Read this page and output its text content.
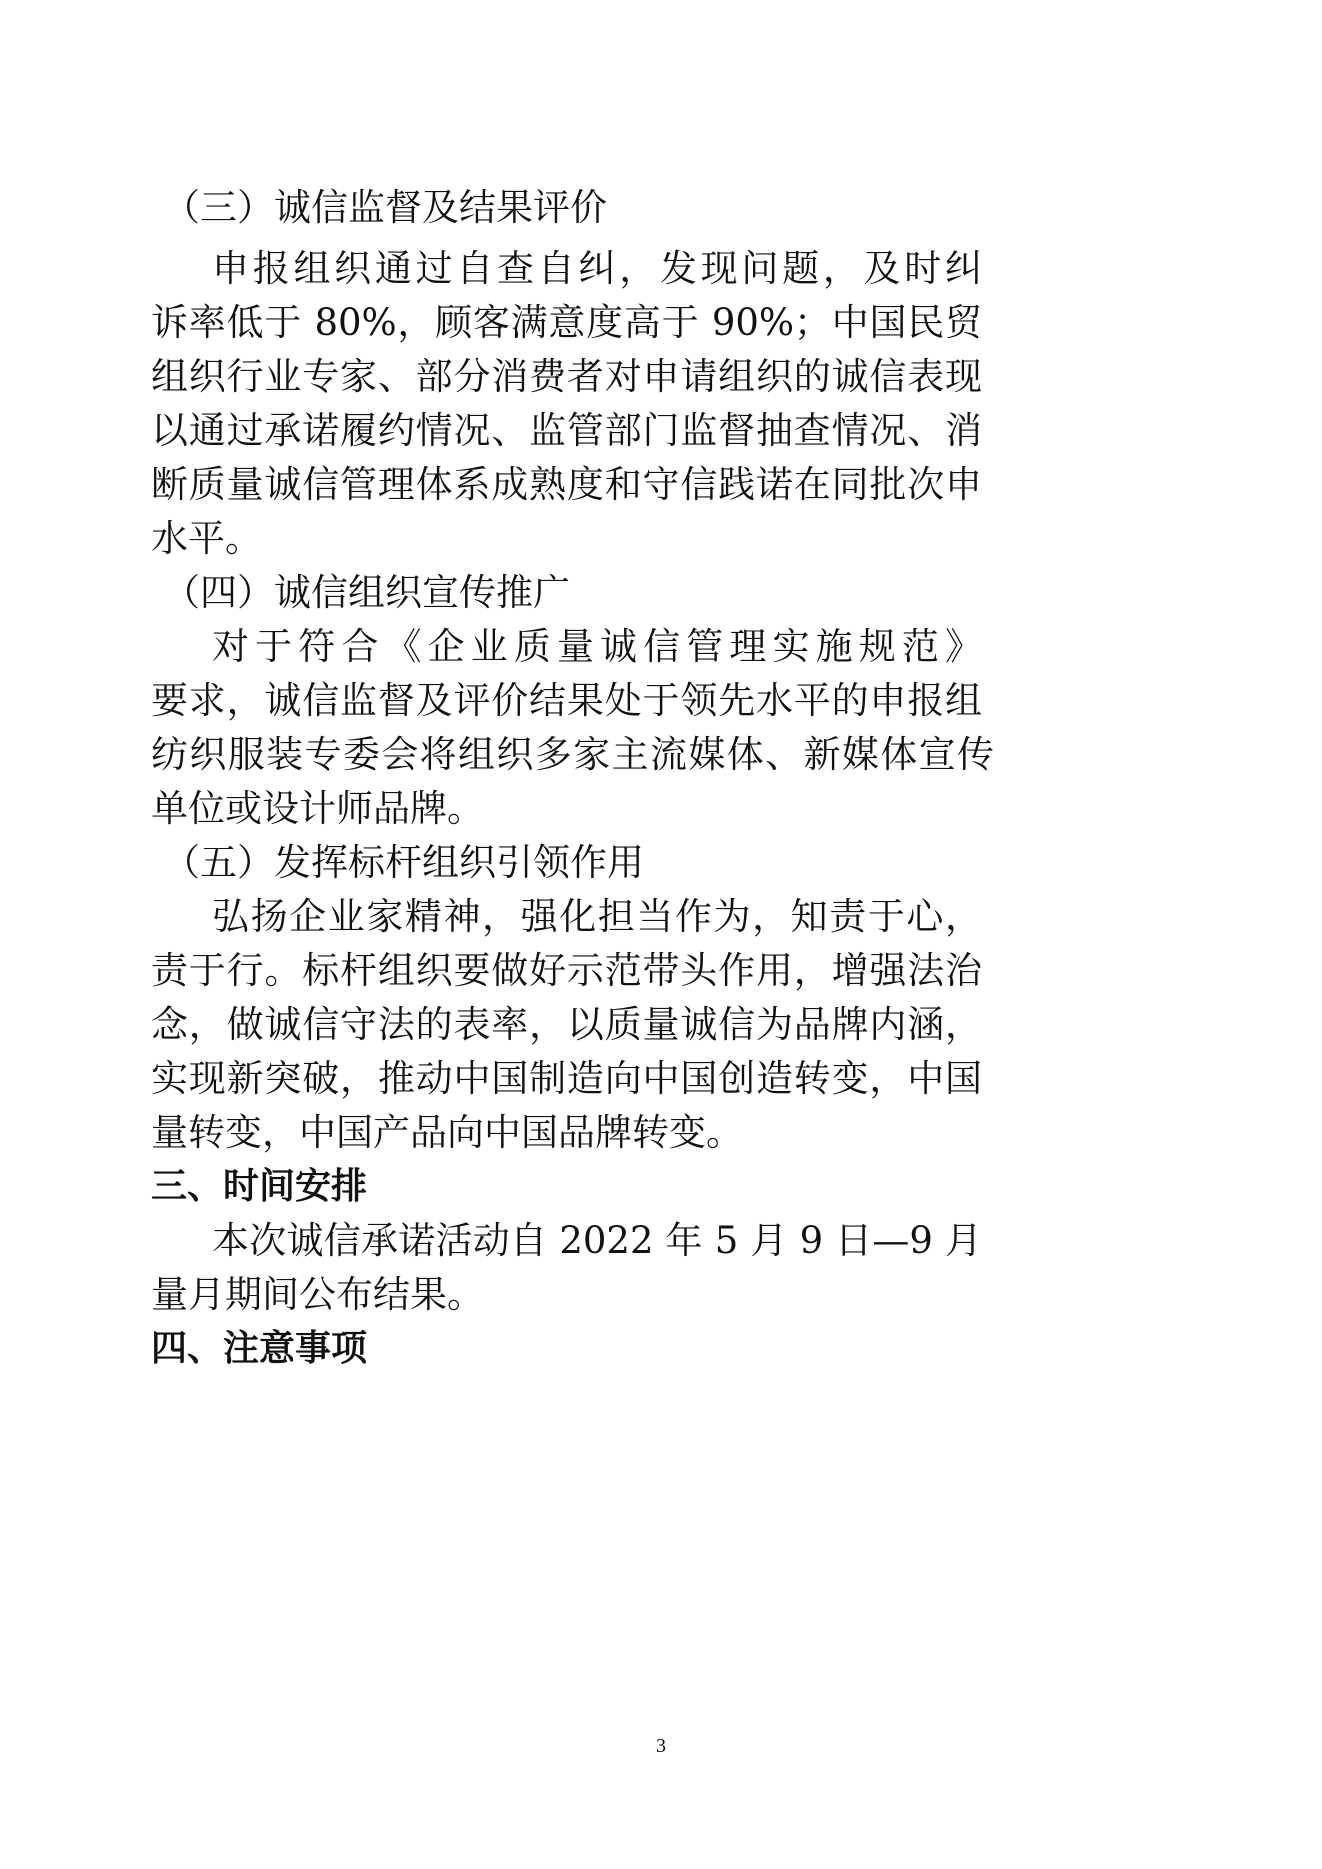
（三）诚信监督及结果评价
申报组织通过自查自纠，发现问题，及时纠
诉率低于 80%，顾客满意度高于 90%；中国民贸
组织行业专家、部分消费者对申请组织的诚信表现
以通过承诺履约情况、监管部门监督抽查情况、消
断质量诚信管理体系成熟度和守信践诺在同批次申
水平。
（四）诚信组织宣传推广
对于符合《企业质量诚信管理实施规范》
要求，诚信监督及评价结果处于领先水平的申报组
纺织服装专委会将组织多家主流媒体、新媒体宣传
单位或设计师品牌。
（五）发挥标杆组织引领作用
弘扬企业家精神，强化担当作为，知责于心，
责于行。标杆组织要做好示范带头作用，增强法治
念，做诚信守法的表率，以质量诚信为品牌内涵，
实现新突破，推动中国制造向中国创造转变，中国
量转变，中国产品向中国品牌转变。
三、时间安排
本次诚信承诺活动自 2022 年 5 月 9 日—9 月
量月期间公布结果。
四、注意事项
3
